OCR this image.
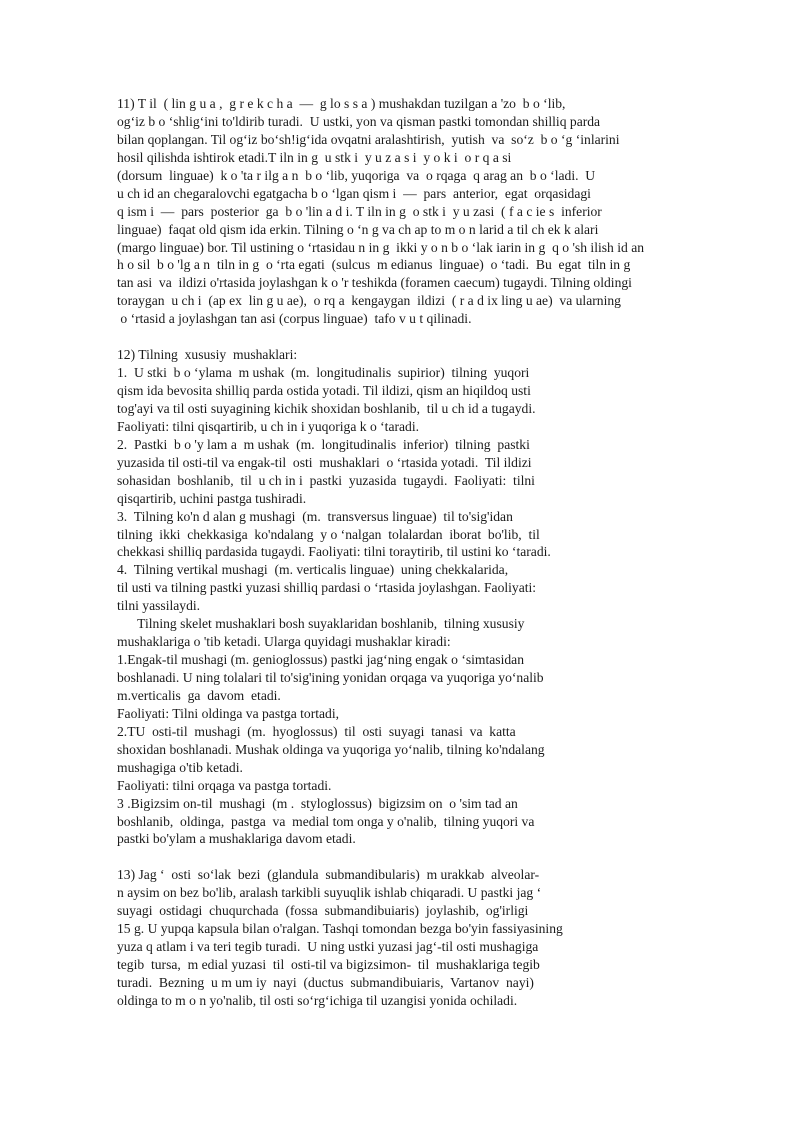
11) T il  ( lin g u a ,  g r e k c h a  —  g lo s s a ) mushakdan tuzilgan a 'zo  b o ‘lib,
og‘iz b o ‘shlig‘ini to'ldirib turadi.  U ustki, yon va qisman pastki tomondan shilliq parda
bilan qoplangan. Til og‘iz bo‘sh!ig‘ida ovqatni aralashtirish,  yutish  va  so‘z  b o ‘g ‘inlarini
hosil qilishda ishtirok etadi.T iln in g  u stk i  y u z a s i  y o k i  o r q a si
(dorsum  linguae)  k o 'ta r ilg a n  b o ‘lib, yuqoriga  va  o rqaga  q arag an  b o ‘ladi.  U
u ch id an chegaralovchi egatgacha b o ‘lgan qism i  —  pars  anterior,  egat  orqasidagi
q ism i  —  pars  posterior  ga  b o 'lin a d i. T iln in g  o stk i  y u zasi  ( f a c ie s  inferior
linguae)  faqat old qism ida erkin. Tilning o ‘n g va ch ap to m o n larid a til ch ek k alari
(margo linguae) bor. Til ustining o ‘rtasidau n in g  ikki y o n b o ‘lak iarin in g  q o 'sh ilish id an
h o sil  b o 'lg a n  tiln in g  o ‘rta egati  (sulcus  m edianus  linguae)  o ‘tadi.  Bu  egat  tiln in g
tan asi  va  ildizi o'rtasida joylashgan k o 'r teshikda (foramen caecum) tugaydi. Tilning oldingi
toraygan  u ch i  (ap ex  lin g u ae),  o rq a  kengaygan  ildizi  ( r a d ix ling u ae)  va ularning
o ‘rtasid a joylashgan tan asi (corpus linguae)  tafo v u t qilinadi.
12) Tilning  xususiy  mushaklari:
1.  U stki  b o ‘ylama  m ushak  (m.  longitudinalis  supirior)  tilning  yuqori
qism ida bevosita shilliq parda ostida yotadi. Til ildizi, qism an hiqildoq usti
tog'ayi va til osti suyagining kichik shoxidan boshlanib,  til u ch id a tugaydi.
Faoliyati: tilni qisqartirib, u ch in i yuqoriga k o ‘taradi.
2.  Pastki  b o 'y lam a  m ushak  (m.  longitudinalis  inferior)  tilning  pastki
yuzasida til osti-til va engak-til  osti  mushaklari  o ‘rtasida yotadi.  Til ildizi
sohasidan  boshlanib,  til  u ch in i  pastki  yuzasida  tugaydi.  Faoliyati:  tilni
qisqartirib, uchini pastga tushiradi.
3.  Tilning ko'n d alan g mushagi  (m.  transversus linguae)  til to'sig'idan
tilning  ikki  chekkasiga  ko'ndalang  y o ‘nalgan  tolalardan  iborat  bo'lib,  til
chekkasi shilliq pardasida tugaydi. Faoliyati: tilni toraytirib, til ustini ko ‘taradi.
4.  Tilning vertikal mushagi  (m. verticalis linguae)  uning chekkalarida,
til usti va tilning pastki yuzasi shilliq pardasi o ‘rtasida joylashgan. Faoliyati:
tilni yassilaydi.
Tilning skelet mushaklari bosh suyaklaridan boshlanib,  tilning xususiy
mushaklariga o 'tib ketadi. Ularga quyidagi mushaklar kiradi:
1.Engak-til mushagi (m. genioglossus) pastki jag‘ning engak o ‘simtasidan
boshlanadi. U ning tolalari til to'sig'ining yonidan orqaga va yuqoriga yo‘nalib
m.verticalis  ga  davom  etadi.
Faoliyati: Tilni oldinga va pastga tortadi,
2.TU  osti-til  mushagi  (m.  hyoglossus)  til  osti  suyagi  tanasi  va  katta
shoxidan boshlanadi. Mushak oldinga va yuqoriga yo‘nalib, tilning ko'ndalang
mushagiga o'tib ketadi.
Faoliyati: tilni orqaga va pastga tortadi.
3 .Bigizsim on-til  mushagi  (m .  styloglossus)  bigizsim on  o 'sim tad an
boshlanib,  oldinga,  pastga  va  medial tom onga y o'nalib,  tilning yuqori va
pastki bo'ylam a mushaklariga davom etadi.
13) Jag ‘  osti  so‘lak  bezi  (glandula  submandibularis)  m urakkab  alveolar-
n aysim on bez bo'lib, aralash tarkibli suyuqlik ishlab chiqaradi. U pastki jag ‘
suyagi  ostidagi  chuqurchada  (fossa  submandibuiaris)  joylashib,  og'irligi
15 g. U yupqa kapsula bilan o'ralgan. Tashqi tomondan bezga bo'yin fassiyasining
yuza q atlam i va teri tegib turadi.  U ning ustki yuzasi jag‘-til osti mushagiga
tegib  tursa,  m edial yuzasi  til  osti-til va bigizsimon-  til  mushaklariga tegib
turadi.  Bezning  u m um iy  nayi  (ductus  submandibuiaris,  Vartanov  nayi)
oldinga to m o n yo'nalib, til osti so‘rg‘ichiga til uzangisi yonida ochiladi.
